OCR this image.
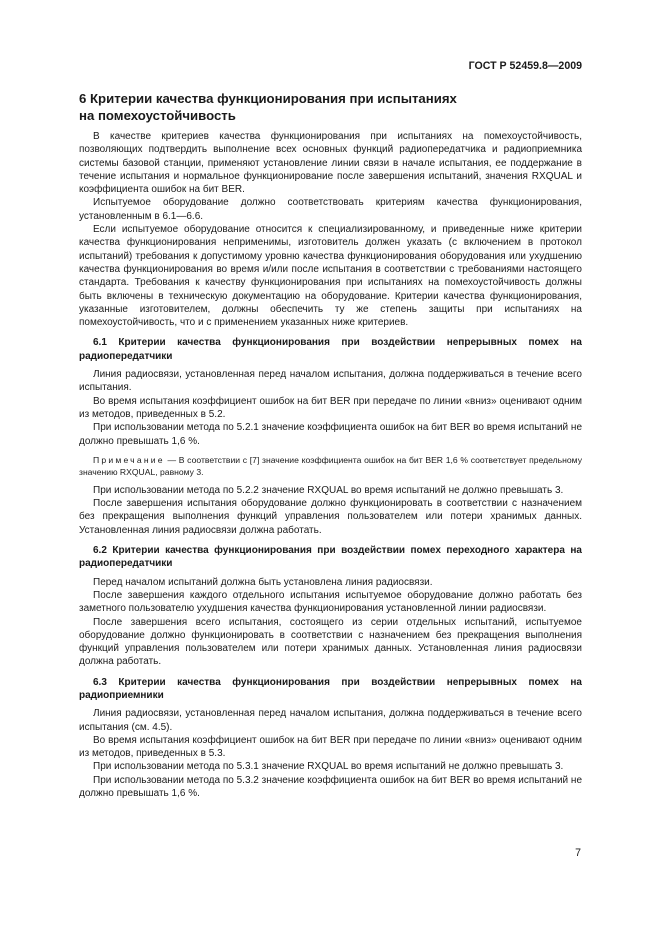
ГОСТ Р 52459.8—2009
6 Критерии качества функционирования при испытаниях
на помехоустойчивость

В качестве критериев качества функционирования при испытаниях на помехоустойчивость, позволяющих подтвердить выполнение всех основных функций радиопередатчика и радиоприемника системы базовой станции, применяют установление линии связи в начале испытания, ее поддержание в течение испытания и нормальное функционирование после завершения испытаний, значения RXQUAL и коэффициента ошибок на бит BER.

Испытуемое оборудование должно соответствовать критериям качества функционирования, установленным в 6.1—6.6.

Если испытуемое оборудование относится к специализированному, и приведенные ниже критерии качества функционирования неприменимы, изготовитель должен указать (с включением в протокол испытаний) требования к допустимому уровню качества функционирования оборудования или ухудшению качества функционирования во время и/или после испытания в соответствии с требованиями настоящего стандарта. Требования к качеству функционирования при испытаниях на помехоустойчивость должны быть включены в техническую документацию на оборудование. Критерии качества функционирования, указанные изготовителем, должны обеспечить ту же степень защиты при испытаниях на помехоустойчивость, что и с применением указанных ниже критериев.

6.1 Критерии качества функционирования при воздействии непрерывных помех на радиопередатчики

Линия радиосвязи, установленная перед началом испытания, должна поддерживаться в течение всего испытания.

Во время испытания коэффициент ошибок на бит BER при передаче по линии «вниз» оценивают одним из методов, приведенных в 5.2.

При использовании метода по 5.2.1 значение коэффициента ошибок на бит BER во время испытаний не должно превышать 1,6 %.

Примечание — В соответствии с [7] значение коэффициента ошибок на бит BER 1,6 % соответствует предельному значению RXQUAL, равному 3.

При использовании метода по 5.2.2 значение RXQUAL во время испытаний не должно превышать 3.

После завершения испытания оборудование должно функционировать в соответствии с назначением без прекращения выполнения функций управления пользователем или потери хранимых данных. Установленная линия радиосвязи должна работать.

6.2 Критерии качества функционирования при воздействии помех переходного характера на радиопередатчики

Перед началом испытаний должна быть установлена линия радиосвязи.

После завершения каждого отдельного испытания испытуемое оборудование должно работать без заметного пользователю ухудшения качества функционирования установленной линии радиосвязи.

После завершения всего испытания, состоящего из серии отдельных испытаний, испытуемое оборудование должно функционировать в соответствии с назначением без прекращения выполнения функций управления пользователем или потери хранимых данных. Установленная линия радиосвязи должна работать.

6.3 Критерии качества функционирования при воздействии непрерывных помех на радиоприемники

Линия радиосвязи, установленная перед началом испытания, должна поддерживаться в течение всего испытания (см. 4.5).

Во время испытания коэффициент ошибок на бит BER при передаче по линии «вниз» оценивают одним из методов, приведенных в 5.3.

При использовании метода по 5.3.1 значение RXQUAL во время испытаний не должно превышать 3.

При использовании метода по 5.3.2 значение коэффициента ошибок на бит BER во время испытаний не должно превышать 1,6 %.

7
